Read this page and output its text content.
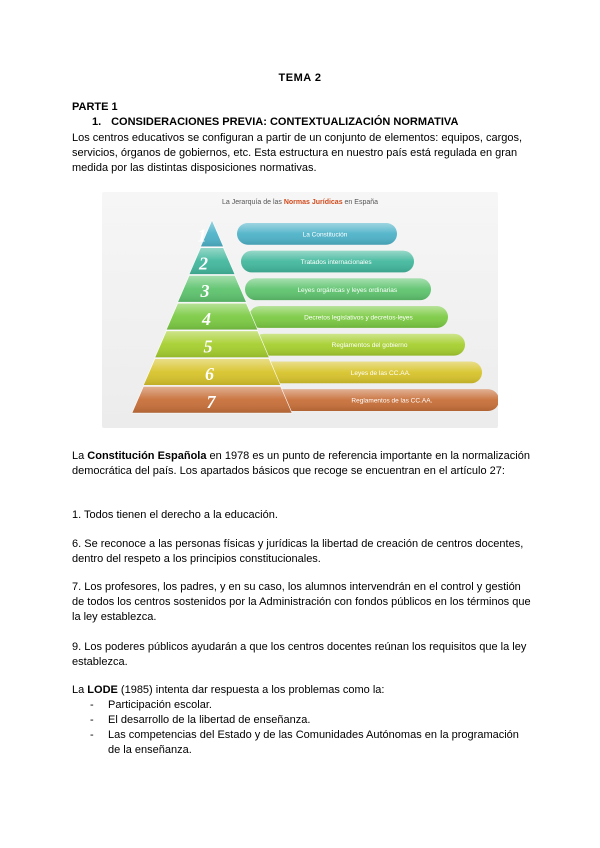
TEMA 2
PARTE 1
1. CONSIDERACIONES PREVIA: CONTEXTUALIZACIÓN NORMATIVA
Los centros educativos se configuran a partir de un conjunto de elementos: equipos, cargos, servicios, órganos de gobiernos, etc. Esta estructura en nuestro país está regulada en gran medida por las distintas disposiciones normativas.
La Jerarquía de las Normas Jurídicas en España
La Constitución
1
Tratados internacionales
2
Leyes orgánicas y leyes ordinarias
3
Decretos legislativos y decretos-leyes
4
Reglamentos del gobierno
5
Leyes de las CC.AA.
6
Reglamentos de las CC.AA.
7
La Constitución Española en 1978 es un punto de referencia importante en la normalización democrática del país. Los apartados básicos que recoge se encuentran en el artículo 27:
1. Todos tienen el derecho a la educación.
6. Se reconoce a las personas físicas y jurídicas la libertad de creación de centros docentes, dentro del respeto a los principios constitucionales.
7. Los profesores, los padres, y en su caso, los alumnos intervendrán en el control y gestión de todos los centros sostenidos por la Administración con fondos públicos en los términos que la ley establezca.
9. Los poderes públicos ayudarán a que los centros docentes reúnan los requisitos que la ley establezca.
La LODE (1985) intenta dar respuesta a los problemas como la:
- Participación escolar.
- El desarrollo de la libertad de enseñanza.
- Las competencias del Estado y de las Comunidades Autónomas en la programación de la enseñanza.
